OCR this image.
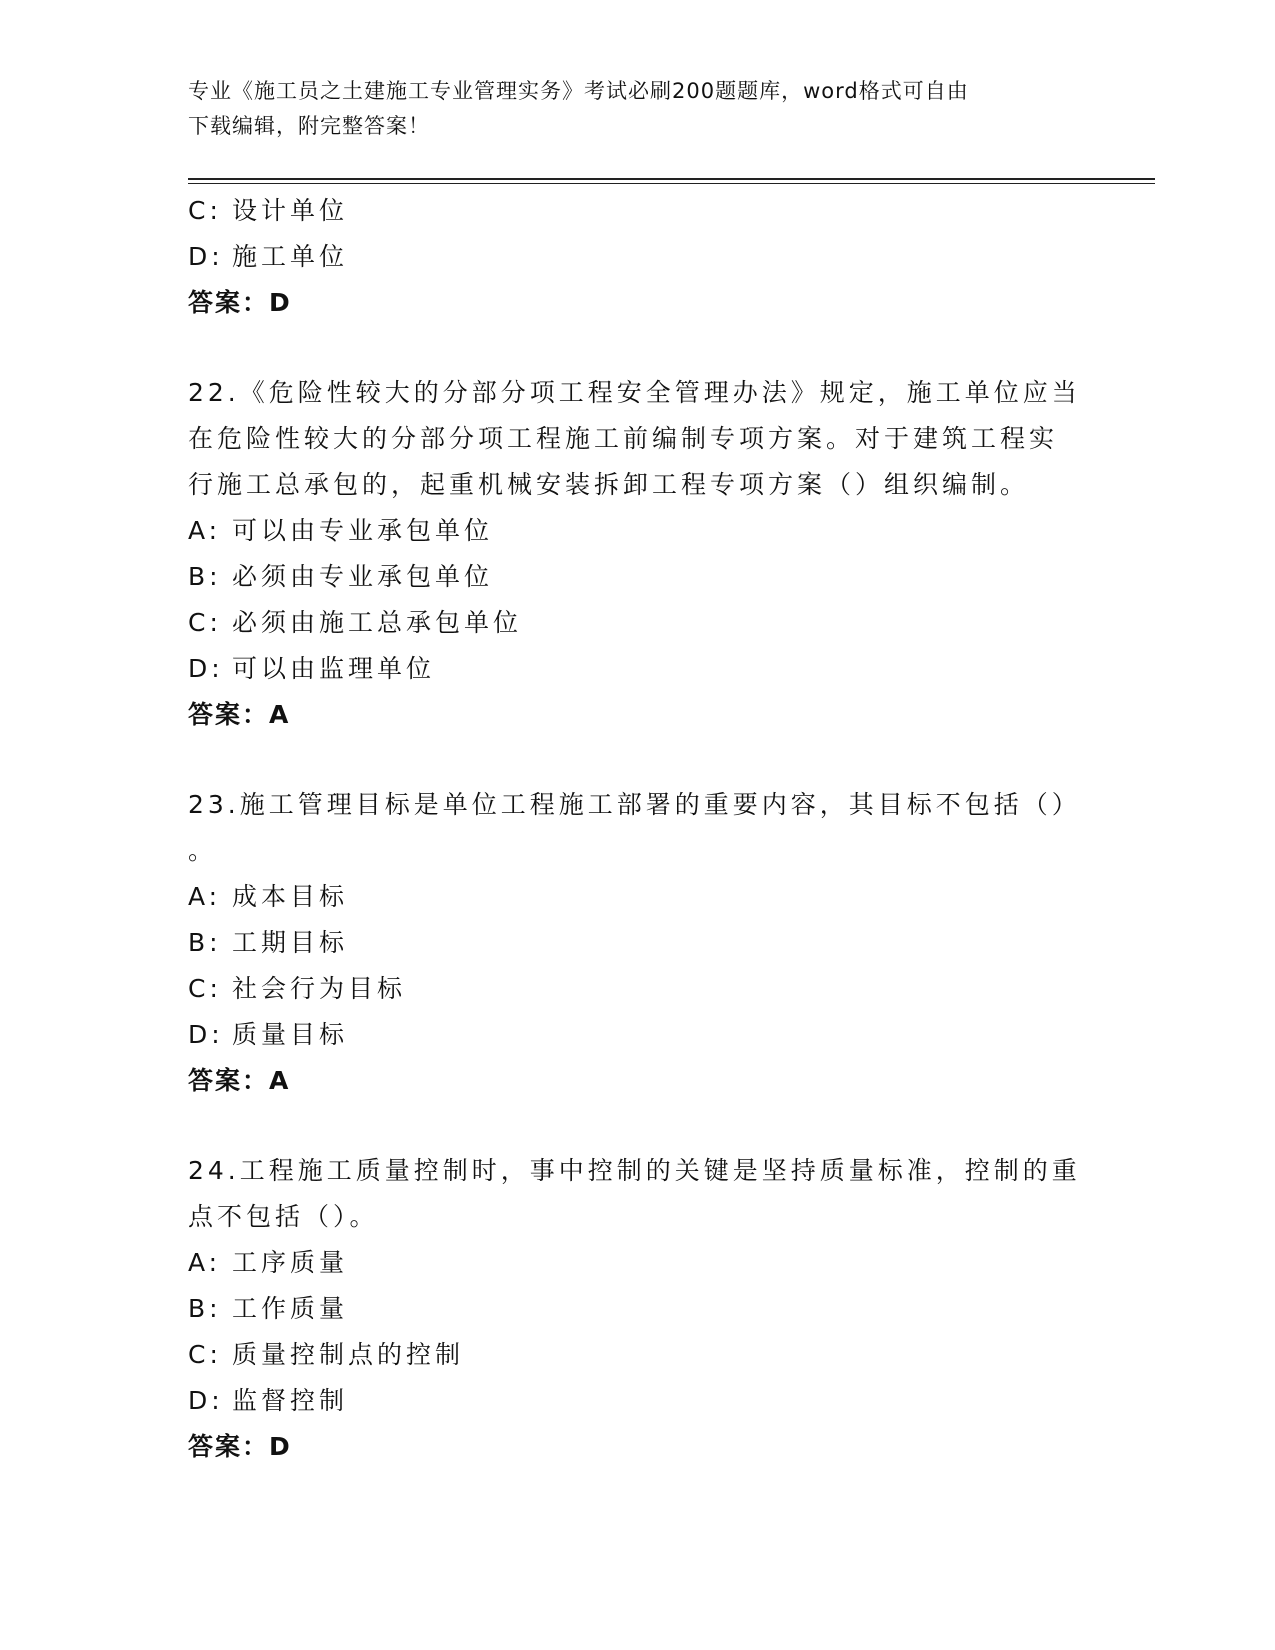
专业《施工员之土建施工专业管理实务》考试必刷200题题库，word格式可自由
下载编辑，附完整答案！
C: 设计单位
D: 施工单位
答案：D
22.《危险性较大的分部分项工程安全管理办法》规定，施工单位应当
在危险性较大的分部分项工程施工前编制专项方案。对于建筑工程实
行施工总承包的，起重机械安装拆卸工程专项方案（）组织编制。
A: 可以由专业承包单位
B: 必须由专业承包单位
C: 必须由施工总承包单位
D: 可以由监理单位
答案：A
23.施工管理目标是单位工程施工部署的重要内容，其目标不包括（）
。
A: 成本目标
B: 工期目标
C: 社会行为目标
D: 质量目标
答案：A
24.工程施工质量控制时，事中控制的关键是坚持质量标准，控制的重
点不包括（）。
A: 工序质量
B: 工作质量
C: 质量控制点的控制
D: 监督控制
答案：D
